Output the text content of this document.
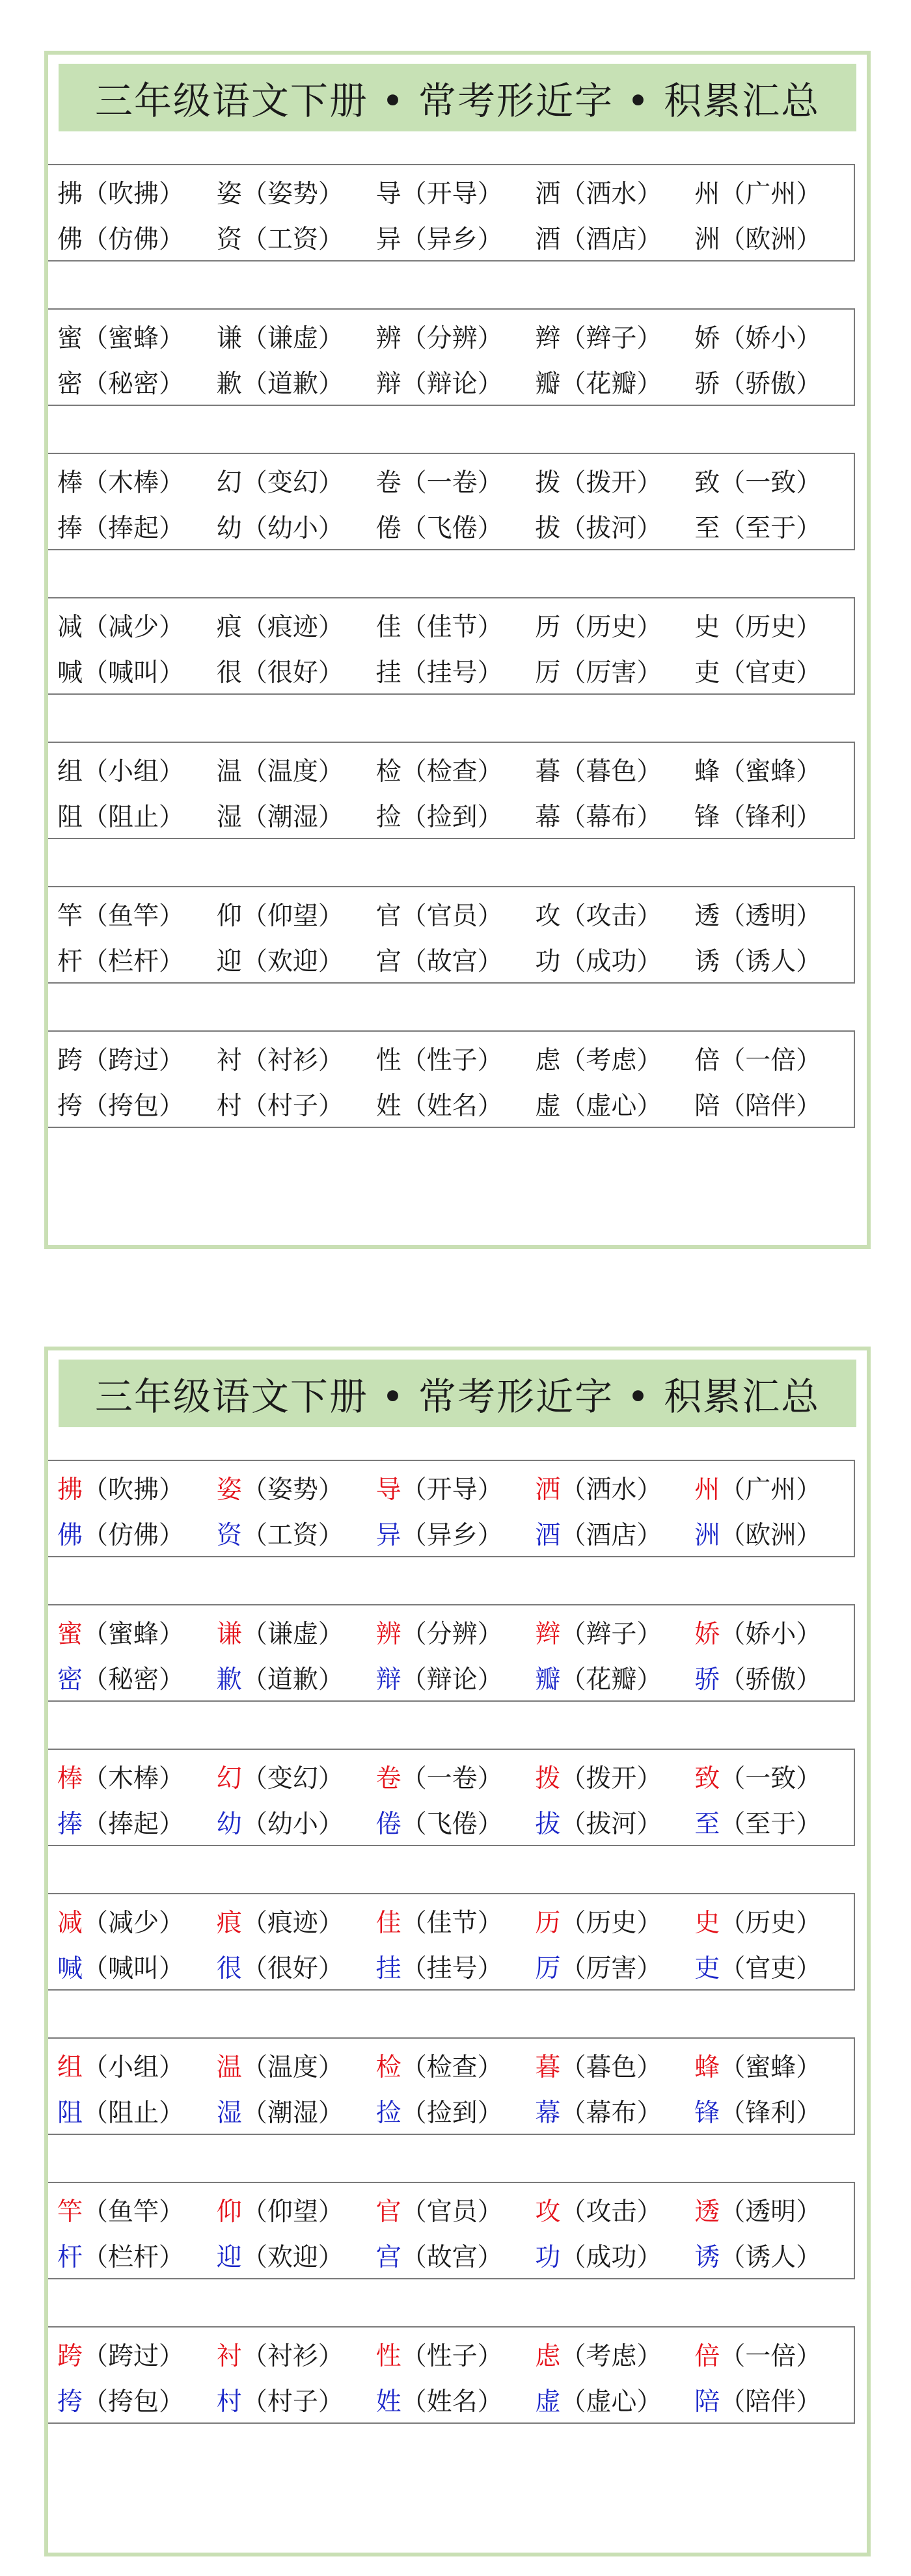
三年级语文下册 • 常考形近字 • 积累汇总
拂（吹拂）	姿（姿势）	导（开导）	洒（洒水）	州（广州）
佛（仿佛）	资（工资）	异（异乡）	酒（酒店）	洲（欧洲）
蜜（蜜蜂）	谦（谦虚）	辨（分辨）	辫（辫子）	娇（娇小）
密（秘密）	歉（道歉）	辩（辩论）	瓣（花瓣）	骄（骄傲）
棒（木棒）	幻（变幻）	卷（一卷）	拨（拨开）	致（一致）
捧（捧起）	幼（幼小）	倦（飞倦）	拔（拔河）	至（至于）
减（减少）	痕（痕迹）	佳（佳节）	历（历史）	史（历史）
喊（喊叫）	很（很好）	挂（挂号）	厉（厉害）	吏（官吏）
组（小组）	温（温度）	检（检查）	暮（暮色）	蜂（蜜蜂）
阻（阻止）	湿（潮湿）	捡（捡到）	幕（幕布）	锋（锋利）
竿（鱼竿）	仰（仰望）	官（官员）	攻（攻击）	透（透明）
杆（栏杆）	迎（欢迎）	宫（故宫）	功（成功）	诱（诱人）
跨（跨过）	衬（衬衫）	性（性子）	虑（考虑）	倍（一倍）
挎（挎包）	村（村子）	姓（姓名）	虚（虚心）	陪（陪伴）
三年级语文下册 • 常考形近字 • 积累汇总
拂（吹拂）	姿（姿势）	导（开导）	洒（洒水）	州（广州）
佛（仿佛）	资（工资）	异（异乡）	酒（酒店）	洲（欧洲）
蜜（蜜蜂）	谦（谦虚）	辨（分辨）	辫（辫子）	娇（娇小）
密（秘密）	歉（道歉）	辩（辩论）	瓣（花瓣）	骄（骄傲）
棒（木棒）	幻（变幻）	卷（一卷）	拨（拨开）	致（一致）
捧（捧起）	幼（幼小）	倦（飞倦）	拔（拔河）	至（至于）
减（减少）	痕（痕迹）	佳（佳节）	历（历史）	史（历史）
喊（喊叫）	很（很好）	挂（挂号）	厉（厉害）	吏（官吏）
组（小组）	温（温度）	检（检查）	暮（暮色）	蜂（蜜蜂）
阻（阻止）	湿（潮湿）	捡（捡到）	幕（幕布）	锋（锋利）
竿（鱼竿）	仰（仰望）	官（官员）	攻（攻击）	透（透明）
杆（栏杆）	迎（欢迎）	宫（故宫）	功（成功）	诱（诱人）
跨（跨过）	衬（衬衫）	性（性子）	虑（考虑）	倍（一倍）
挎（挎包）	村（村子）	姓（姓名）	虚（虚心）	陪（陪伴）
